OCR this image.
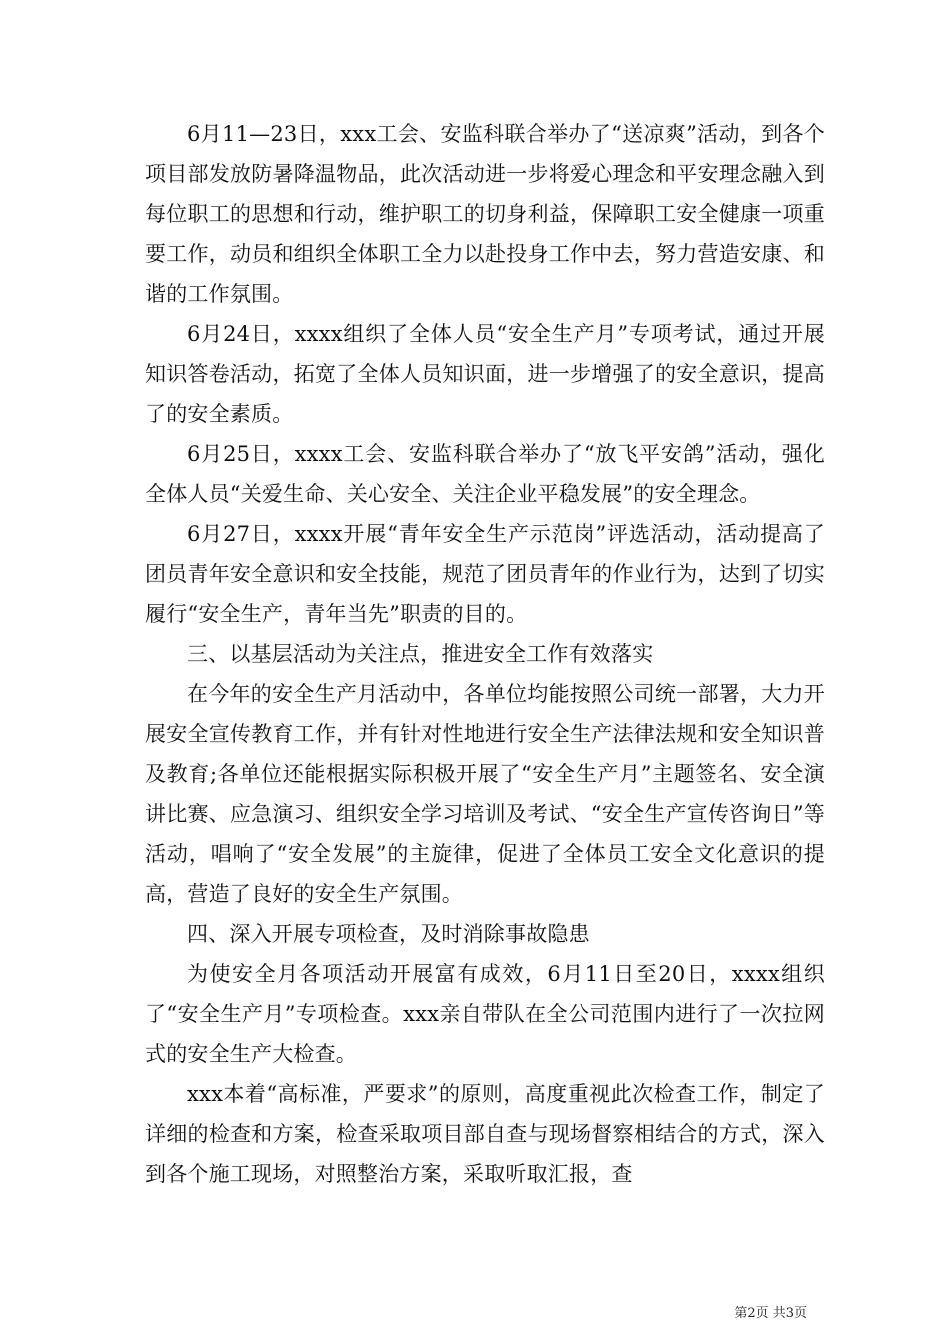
6月11—23日，xxx工会、安监科联合举办了“送凉爽”活动，到各个项目部发放防暑降温物品，此次活动进一步将爱心理念和平安理念融入到每位职工的思想和行动，维护职工的切身利益，保障职工安全健康一项重要工作，动员和组织全体职工全力以赴投身工作中去，努力营造安康、和谐的工作氛围。

6月24日，xxxx组织了全体人员“安全生产月”专项考试，通过开展知识答卷活动，拓宽了全体人员知识面，进一步增强了的安全意识，提高了的安全素质。

6月25日，xxxx工会、安监科联合举办了“放飞平安鸽”活动，强化全体人员“关爱生命、关心安全、关注企业平稳发展”的安全理念。

6月27日，xxxx开展“青年安全生产示范岗”评选活动，活动提高了团员青年安全意识和安全技能，规范了团员青年的作业行为，达到了切实履行“安全生产，青年当先”职责的目的。

三、以基层活动为关注点，推进安全工作有效落实

在今年的安全生产月活动中，各单位均能按照公司统一部署，大力开展安全宣传教育工作，并有针对性地进行安全生产法律法规和安全知识普及教育;各单位还能根据实际积极开展了“安全生产月”主题签名、安全演讲比赛、应急演习、组织安全学习培训及考试、“安全生产宣传咨询日”等活动，唱响了“安全发展”的主旋律，促进了全体员工安全文化意识的提高，营造了良好的安全生产氛围。

四、深入开展专项检查，及时消除事故隐患

为使安全月各项活动开展富有成效，6月11日至20日，xxxx组织了“安全生产月”专项检查。xxx亲自带队在全公司范围内进行了一次拉网式的安全生产大检查。

xxx本着“高标准，严要求”的原则，高度重视此次检查工作，制定了详细的检查和方案，检查采取项目部自查与现场督察相结合的方式，深入到各个施工现场，对照整治方案，采取听取汇报，查

第2页 共3页
